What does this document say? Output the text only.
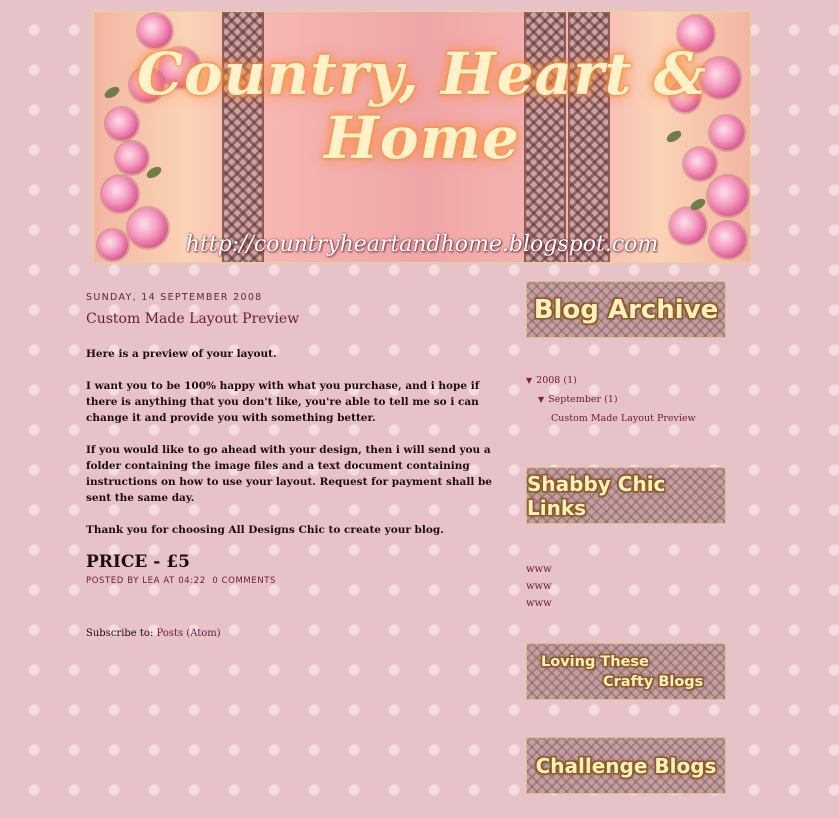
Country, Heart & Home
http://countryheartandhome.blogspot.com
SUNDAY, 14 SEPTEMBER 2008
Custom Made Layout Preview

Here is a preview of your layout.

I want you to be 100% happy with what you purchase, and i hope if there is anything that you don't like, you're able to tell me so i can change it and provide you with something better.

If you would like to go ahead with your design, then i will send you a folder containing the image files and a text document containing instructions on how to use your layout. Request for payment shall be sent the same day.

Thank you for choosing All Designs Chic to create your blog.

PRICE - £5
POSTED BY LEA AT 04:22 0 COMMENTS
Subscribe to: Posts (Atom)
Blog Archive
▼ 2008 (1)
▼ September (1)
Custom Made Layout Preview
Shabby Chic Links
www
www
www
Loving These
Crafty Blogs
Challenge Blogs
